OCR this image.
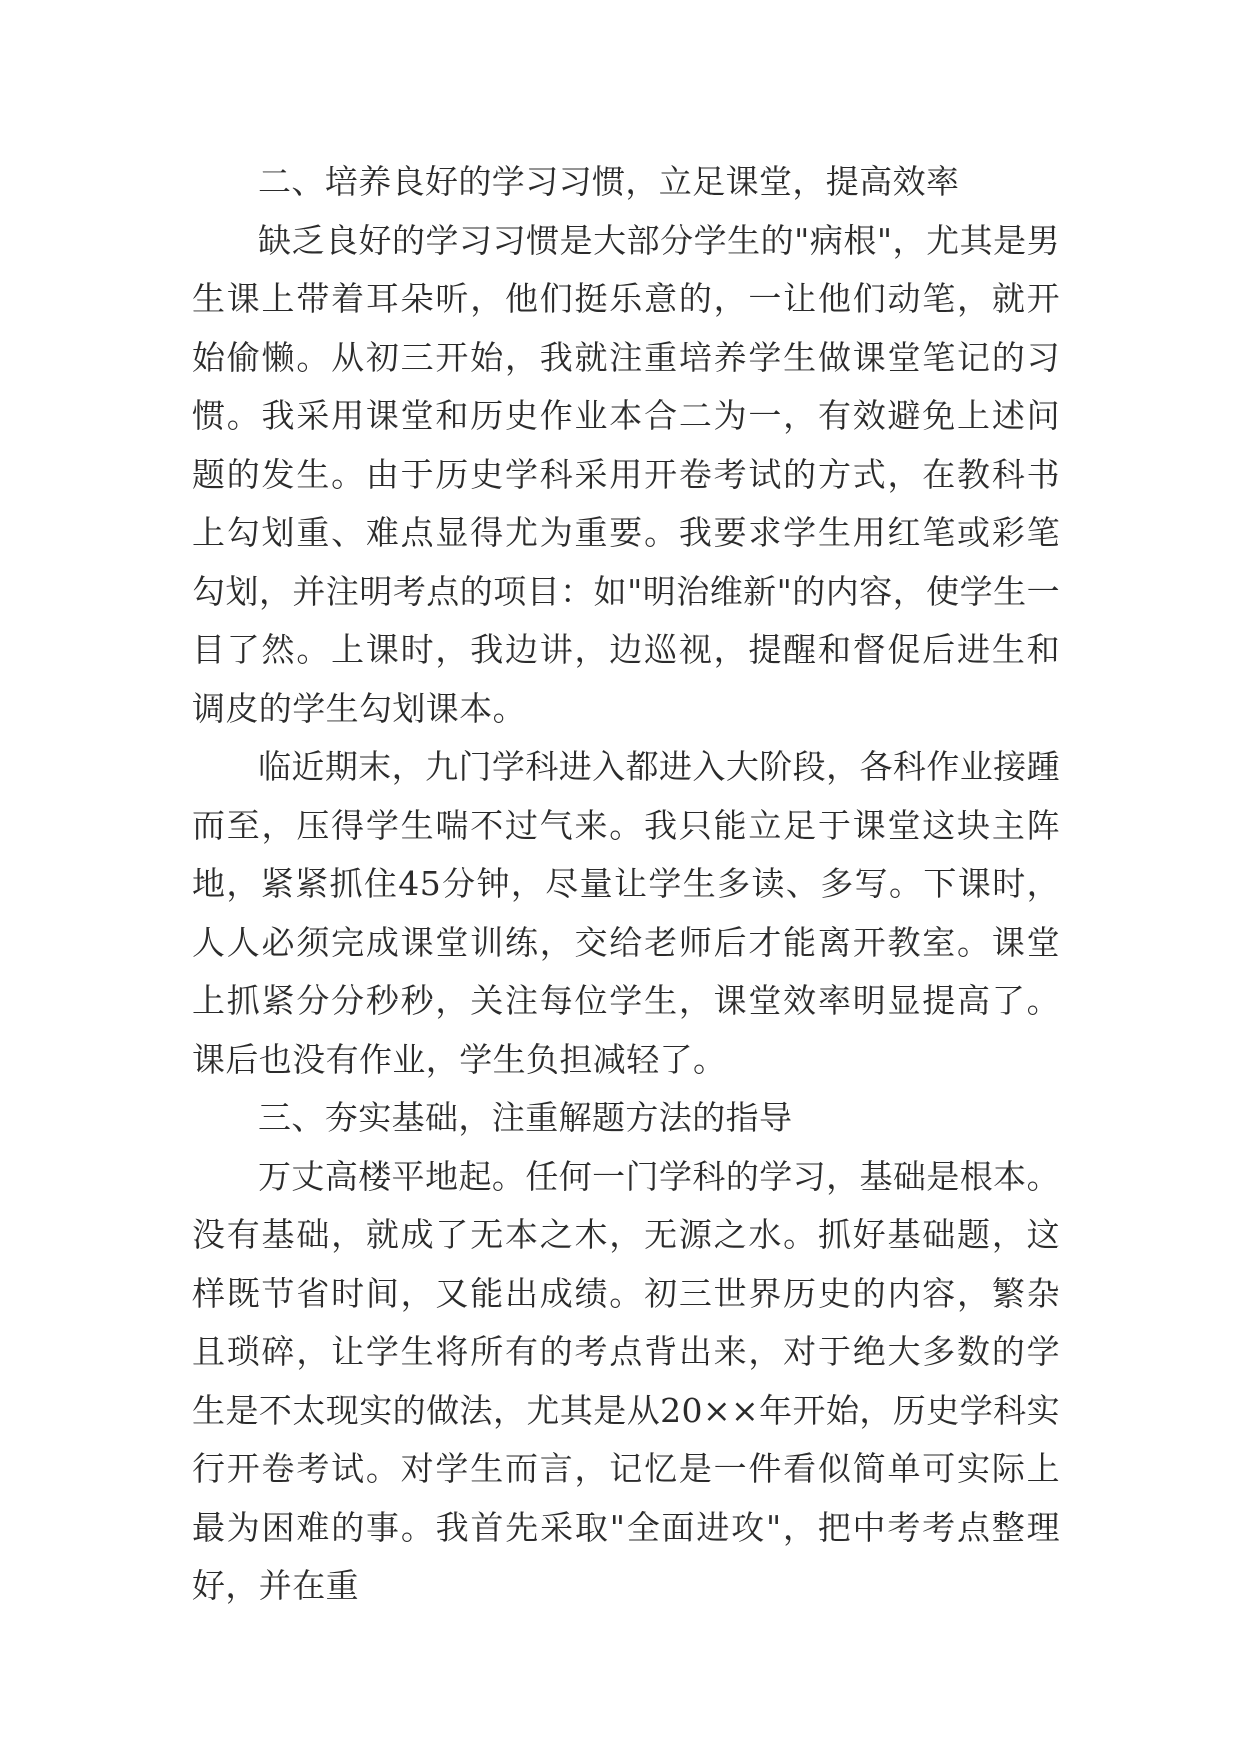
二、培养良好的学习习惯，立足课堂，提高效率

缺乏良好的学习习惯是大部分学生的"病根"，尤其是男生课上带着耳朵听，他们挺乐意的，一让他们动笔，就开始偷懒。从初三开始，我就注重培养学生做课堂笔记的习惯。我采用课堂和历史作业本合二为一，有效避免上述问题的发生。由于历史学科采用开卷考试的方式，在教科书上勾划重、难点显得尤为重要。我要求学生用红笔或彩笔勾划，并注明考点的项目：如"明治维新"的内容，使学生一目了然。上课时，我边讲，边巡视，提醒和督促后进生和调皮的学生勾划课本。

临近期末，九门学科进入都进入大阶段，各科作业接踵而至，压得学生喘不过气来。我只能立足于课堂这块主阵地，紧紧抓住45分钟，尽量让学生多读、多写。下课时，人人必须完成课堂训练，交给老师后才能离开教室。课堂上抓紧分分秒秒，关注每位学生，课堂效率明显提高了。课后也没有作业，学生负担减轻了。

三、夯实基础，注重解题方法的指导

万丈高楼平地起。任何一门学科的学习，基础是根本。没有基础，就成了无本之木，无源之水。抓好基础题，这样既节省时间，又能出成绩。初三世界历史的内容，繁杂且琐碎，让学生将所有的考点背出来，对于绝大多数的学生是不太现实的做法，尤其是从20××年开始，历史学科实行开卷考试。对学生而言，记忆是一件看似简单可实际上最为困难的事。我首先采取"全面进攻"，把中考考点整理好，并在重
